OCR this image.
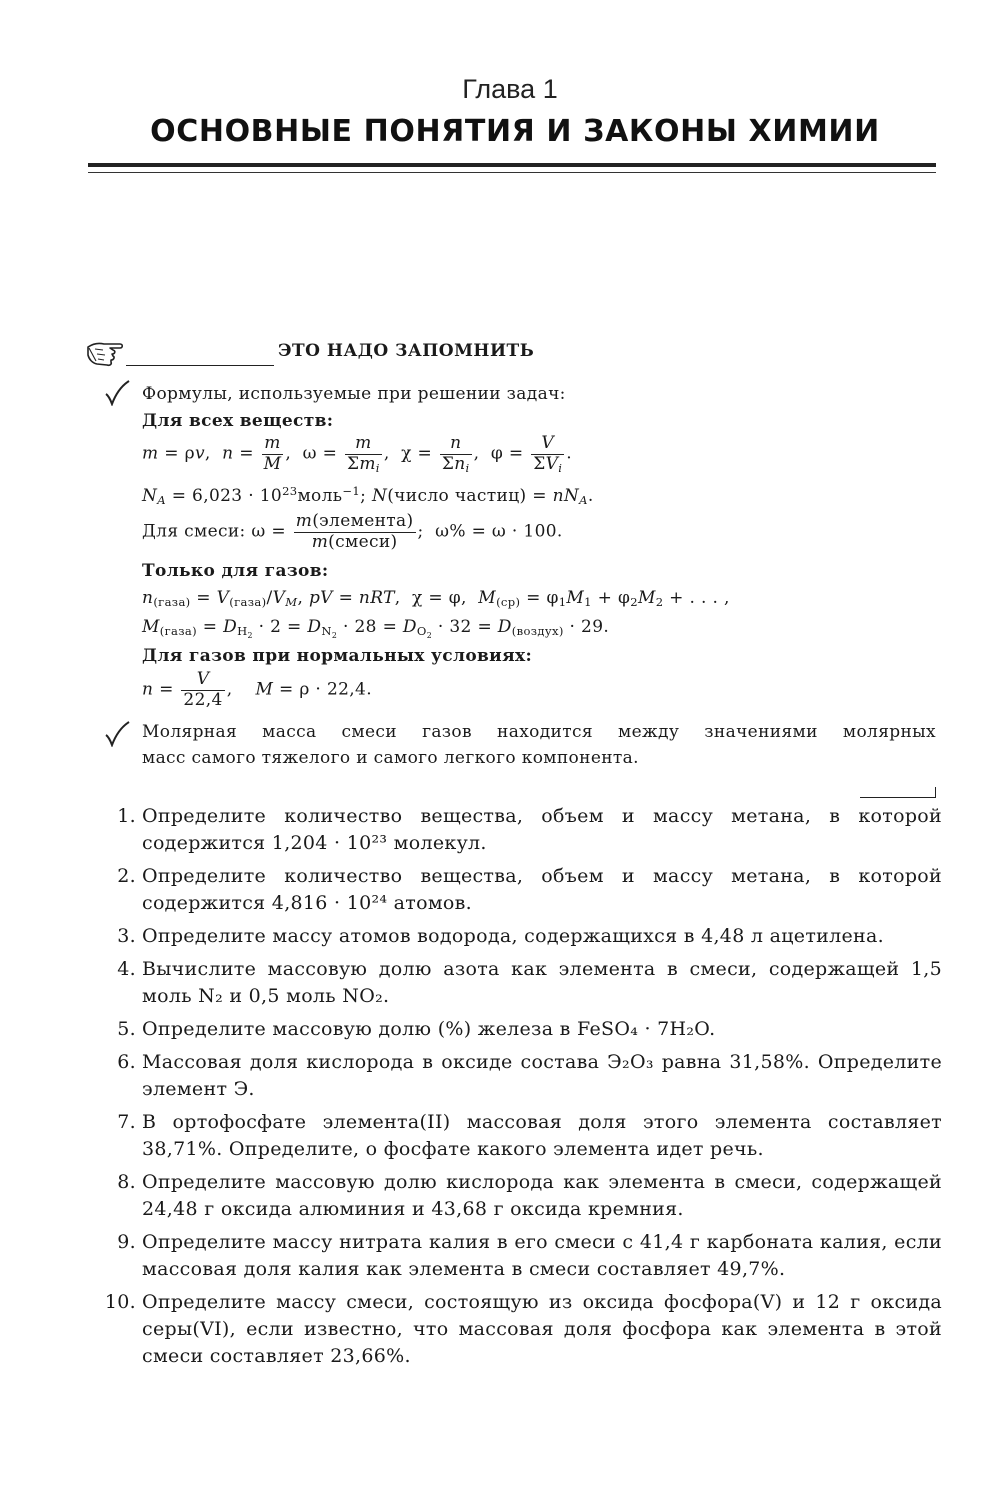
Глава 1
ОСНОВНЫЕ ПОНЯТИЯ И ЗАКОНЫ ХИМИИ
ЭТО НАДО ЗАПОМНИТЬ
Формулы, используемые при решении задач:
Для всех веществ:
m = ρv,  $n = \frac{m}{M}$ ,  $\omega = \frac{m}{\Sigma m_i}$ ,  $\chi = \frac{n}{\Sigma n_i}$ ,  $\varphi = \frac{V}{\Sigma V_i}$ .
$N_A = 6,023$ · $10^{23}моль^{-1}$; N(число частиц) = $nN_A$.
Для смеси: $\omega = \frac{\text{m(элемента)}}{\text{m(смеси)}}$ ;  ω% = ω · 100.
Только для газов:
$n_{(газа)} = V_{(газа)}/V_M$, pV = nRT,  χ = φ,  $M_{(ср)} = \varphi_1M_1 + \varphi_2M_2$ + . . . ,
$M_{(газа)} = D_{H_2} \cdot 2 = D_{N_2} \cdot 28 = D_{O_2} \cdot 32 = D_{(воздух)} \cdot 29$.
Для газов при нормальных условиях:
$n = \frac{V}{22,4}$ ,    M = ρ · 22,4.
Молярная масса смеси газов находится между значениями молярных
масс самого тяжелого и самого легкого компонента.
1. Определите количество вещества, объем и массу метана, в которой содержится 1,204 · 10²³ молекул.
2. Определите количество вещества, объем и массу метана, в которой содержится 4,816 · 10²⁴ атомов.
3. Определите массу атомов водорода, содержащихся в 4,48 л ацетилена.
4. Вычислите массовую долю азота как элемента в смеси, содержащей 1,5 моль N₂ и 0,5 моль NO₂.
5. Определите массовую долю (%) железа в FeSO₄ · 7H₂O.
6. Массовая доля кислорода в оксиде состава Э₂O₃ равна 31,58%. Определите элемент Э.
7. В ортофосфате элемента(II) массовая доля этого элемента составляет 38,71%. Определите, о фосфате какого элемента идет речь.
8. Определите массовую долю кислорода как элемента в смеси, содержащей 24,48 г оксида алюминия и 43,68 г оксида кремния.
9. Определите массу нитрата калия в его смеси с 41,4 г карбоната калия, если массовая доля калия как элемента в смеси составляет 49,7%.
10. Определите массу смеси, состоящую из оксида фосфора(V) и 12 г оксида серы(VI), если известно, что массовая доля фосфора как элемента в этой смеси составляет 23,66%.
